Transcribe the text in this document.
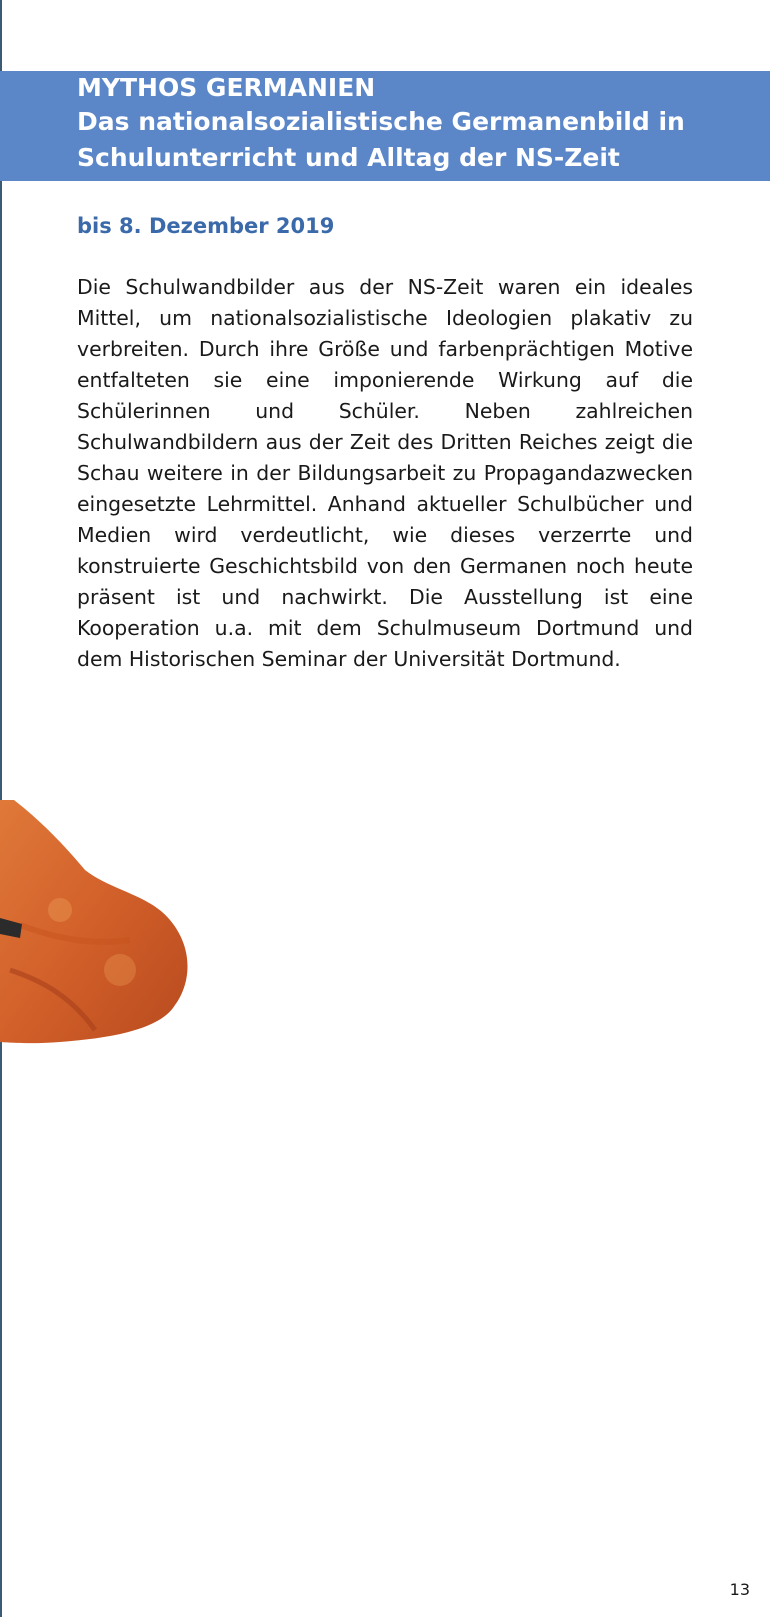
MYTHOS GERMANIEN
Das nationalsozialistische Germanenbild in
Schulunterricht und Alltag der NS-Zeit
bis 8. Dezember 2019
Die Schulwandbilder aus der NS-Zeit waren ein ideales Mittel, um nationalsozialistische Ideologien plakativ zu verbreiten. Durch ihre Größe und farbenprächtigen Motive entfalteten sie eine imponierende Wirkung auf die Schülerinnen und Schüler. Neben zahlreichen Schulwandbildern aus der Zeit des Dritten Reiches zeigt die Schau weitere in der Bildungsarbeit zu Propagandazwecken eingesetzte Lehrmittel. Anhand aktueller Schulbücher und Medien wird verdeutlicht, wie dieses verzerrte und konstruierte Geschichtsbild von den Germanen noch heute präsent ist und nachwirkt. Die Ausstellung ist eine Kooperation u.a. mit dem Schulmuseum Dortmund und dem Historischen Seminar der Universität Dortmund.
13
